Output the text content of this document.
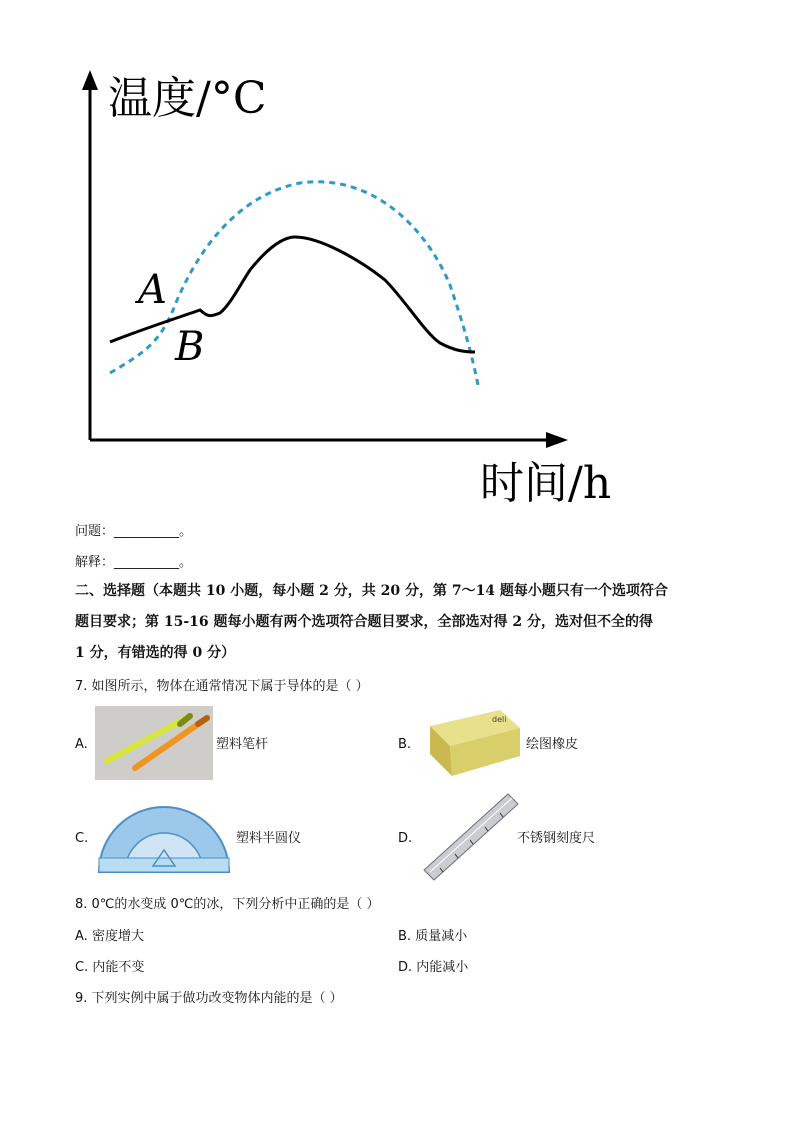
温度/°C
时间/h
A
B
问题：__________。
解释：__________。
二、选择题（本题共 10 小题，每小题 2 分，共 20 分，第 7～14 题每小题只有一个选项符合
题目要求；第 15-16 题每小题有两个选项符合题目要求，全部选对得 2 分，选对但不全的得
1 分，有错选的得 0 分）
7. 如图所示，物体在通常情况下属于导体的是（ ）
A.	塑料笔杆	B.
deli
绘图橡皮
C.	塑料半圆仪	D.	不锈钢刻度尺
8. 0℃的水变成 0℃的冰，下列分析中正确的是（ ）
A. 密度增大	B. 质量减小
C. 内能不变	D. 内能减小
9. 下列实例中属于做功改变物体内能的是（ ）
